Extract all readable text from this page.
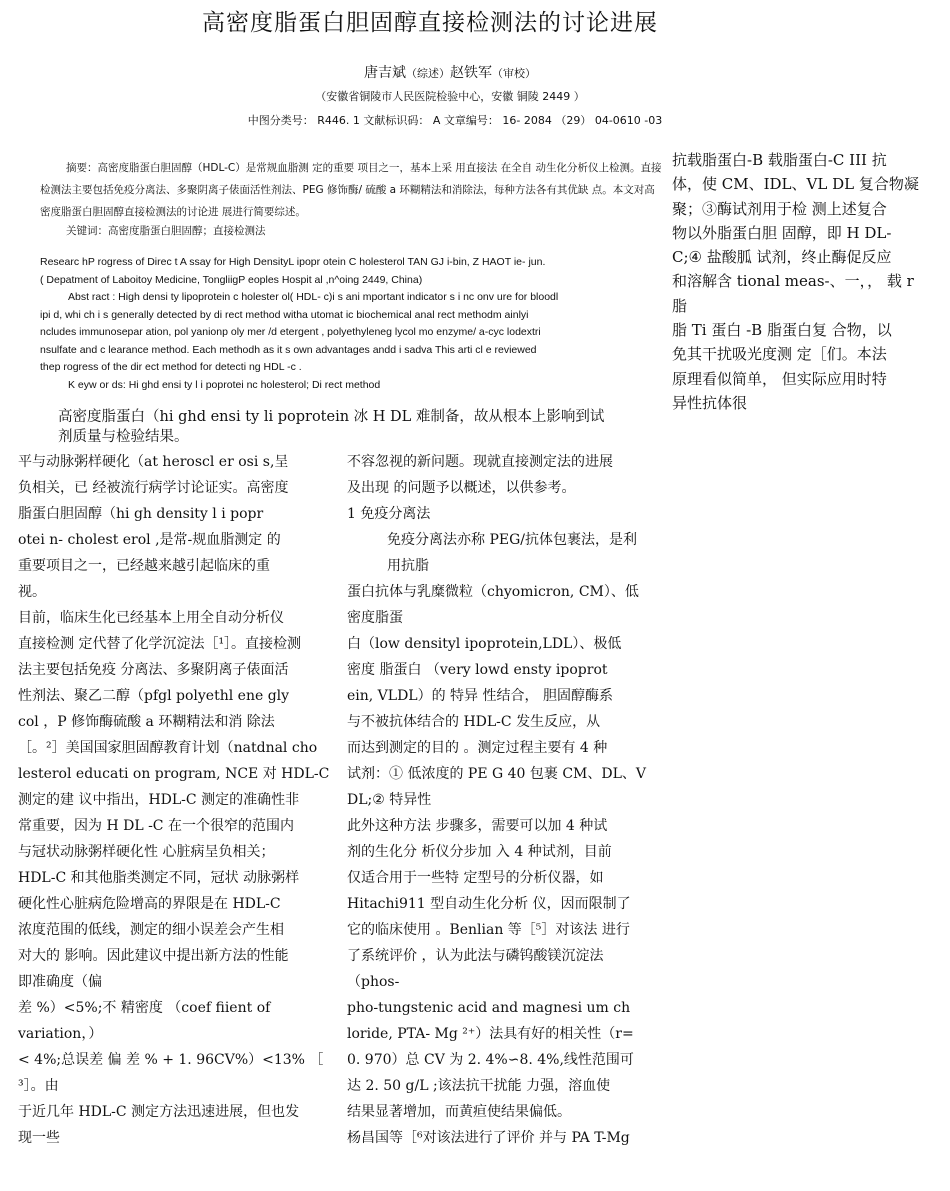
高密度脂蛋白胆固醇直接检测法的讨论进展
唐吉斌（综述）赵铁军（审校）
（安徽省铜陵市人民医院检验中心，安徽 铜陵 2449 ）
中图分类号： R446. 1 文献标识码： A 文章编号： 16- 2084 （29） 04-0610 -03
摘要：高密度脂蛋白胆固醇（HDL-C）是常规血脂测 定的重要 项目之一，基本上采 用直接法 在全自 动生化分析仪上检测。直接检测法主要包括免疫分离法、多聚阴离子俵面活性剂法、PEG 修饰酶/ 硫酸 a 环糊精法和消除法，每种方法各有其优缺 点。本文对高密度脂蛋白胆固醇直接检测法的讨论进 展进行简要综述。
关键词：高密度脂蛋白胆固醇；直接检测法
Researc hP rogress of Direc t A ssay for High DensityL ipopr otein C holesterol TAN GJ i-bin, Z HAOT ie- jun.
( Depatment of Laboitoy Medicine, TongliigP eoples Hospit al ,n^oing 2449, China)
Abst ract : High densi ty lipoprotein c holester ol( HDL- c)i s ani mportant indicator s i nc onv ure for bloodl
ipi d, whi ch i s generally detected by di rect method witha utomat ic biochemical anal rect methodm ainlyi
ncludes immunosepar ation, pol yanionp oly mer /d etergent , polyethyleneg lycol mo enzyme/ a-cyc lodextri
nsulfate and c learance method. Each methodh as it s own advantages andd i sadva This arti cl e reviewed
thep rogress of the dir ect method for detecti ng HDL -c .
K eyw or ds: Hi ghd ensi ty l i poprotei nc holesterol; Di rect method
抗载脂蛋白-B 载脂蛋白-C III 抗
体，使 CM、IDL、VL DL 复合物凝
聚；③酶试剂用于检 测上述复合
物以外脂蛋白胆 固醇，即 H DL-
C;④ 盐酸胍 试剂，终止酶促反应
和溶解含 tional meas-、一，， 载 r 脂
脂 Ti 蛋白 -B 脂蛋白复 合物，以
免其干扰吸光度测 定［们。本法
原理看似简单， 但实际应用时特
异性抗体很
高密度脂蛋白（hi ghd ensi ty li poprotein 冰 H DL 难制备，故从根本上影响到试
剂质量与检验结果。
平与动脉粥样硬化（at heroscl er osi s,呈
负相关，已 经被流行病学讨论证实。高密度
脂蛋白胆固醇（hi gh density l i popr
otei n- cholest erol ,是常-规血脂测定 的
重要项目之一，已经越来越引起临床的重
视。
目前，临床生化已经基本上用全自动分析仪
直接检测 定代替了化学沉淀法［¹］。直接检测
法主要包括免疫 分离法、多聚阴离子俵面活
性剂法、聚乙二醇（pfgl polyethl ene gly
col ，P 修饰酶硫酸 a 环糊精法和消 除法
［。²］美国国家胆固醇教育计划（natdnal cho
lesterol educati on program, NCE 对 HDL-C
测定的建 议中指出，HDL-C 测定的准确性非
常重要，因为 H DL -C 在一个很窄的范围内
与冠状动脉粥样硬化性 心脏病呈负相关；
HDL-C 和其他脂类测定不同，冠状 动脉粥样
硬化性心脏病危险增高的界限是在 HDL-C
浓度范围的低线，测定的细小误差会产生相
对大的 影响。因此建议中提出新方法的性能
即准确度（偏
差 %）<5%;不 精密度 （coef ﬁient of
variation，）
< 4%;总误差 偏 差 % + 1. 96CV%）<13% ［
³］。由
于近几年 HDL-C 测定方法迅速进展，但也发
现一些
不容忽视的新问题。现就直接测定法的进展
及出现 的问题予以概述，以供参考。
1 免疫分离法
免疫分离法亦称 PEG/抗体包裹法，是利
用抗脂
蛋白抗体与乳糜微粒（chyomicron, CM）、低
密度脂蛋
白（low densityl ipoprotein,LDL）、极低
密度 脂蛋白 （very lowd ensty ipoprot
ein, VLDL）的 特异 性结合， 胆固醇酶系
与不被抗体结合的 HDL-C 发生反应，从
而达到测定的目的 。测定过程主要有 4 种
试剂：① 低浓度的 PE G 40 包裹 CM、DL、V
DL;② 特异性
此外这种方法 步骤多，需要可以加 4 种试
剂的生化分 析仪分步加 入 4 种试剂，目前
仅适合用于一些特 定型号的分析仪器，如
Hitachi911 型自动生化分析 仪，因而限制了
它的临床使用 。Benlian 等［⁵］对该法 进行
了系统评价 ，认为此法与磷钨酸镁沉淀法
（phos-
pho-tungstenic acid and magnesi um ch
loride, PTA- Mg ²⁺）法具有好的相关性（r=
0. 970）总 CV 为 2. 4%∽8. 4%,线性范围可
达 2. 50 g/L ;该法抗干扰能 力强，溶血使
结果显著增加，而黄疸使结果偏低。
杨昌国等［⁶对该法进行了评价 并与 PA T-Mg
